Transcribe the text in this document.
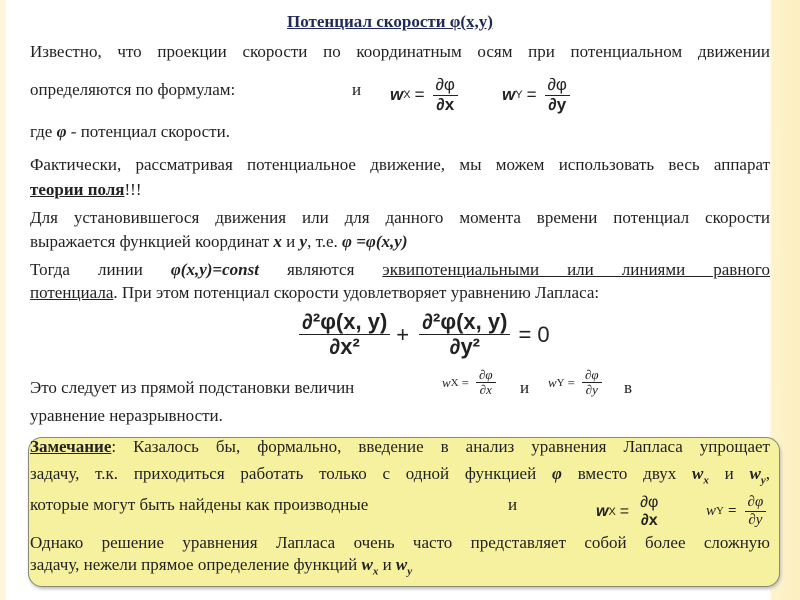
Потенциал скорости φ(x,y)
Известно, что проекции скорости по координатным осям при потенциальном движении
определяются по формулам:	и w $X = \frac{\partial\varphi}{\partial x}$	w $Y = \frac{\partial\varphi}{\partial y}$
где φ - потенциал скорости.
Фактически, рассматривая потенциальное движение, мы можем использовать весь аппарат
теории поля!!!
Для установившегося движения или для данного момента времени потенциал скорости
выражается функцией координат x и y, т.е. φ =φ(x,y)
Тогда линии φ(x,y)=const являются эквипотенциальными или линиями равного
потенциала. При этом потенциал скорости удовлетворяет уравнению Лапласа:
$\frac{\text{∂²φ(x, y)}}{\text{∂x²}} + \frac{\text{∂²φ(x, y)}}{\text{∂y²}} = 0$
Это следует из прямой подстановки величин	w $X = \frac{\partial\varphi}{\partial x}$ и w $Y = \frac{\partial\varphi}{\partial y}$ в
уравнение неразрывности.
Замечание: Казалось бы, формально, введение в анализ уравнения Лапласа упрощает
задачу, т.к. приходиться работать только с одной функцией φ вместо двух $w_x$ и $w_y$,
которые могут быть найдены как производные	и	w X =
∂φ
∂x
w $Y = \frac{\partial\varphi}{\partial y}$
Однако решение уравнения Лапласа очень часто представляет собой более сложную
задачу, нежели прямое определение функций $w_x$ и $w_y$
